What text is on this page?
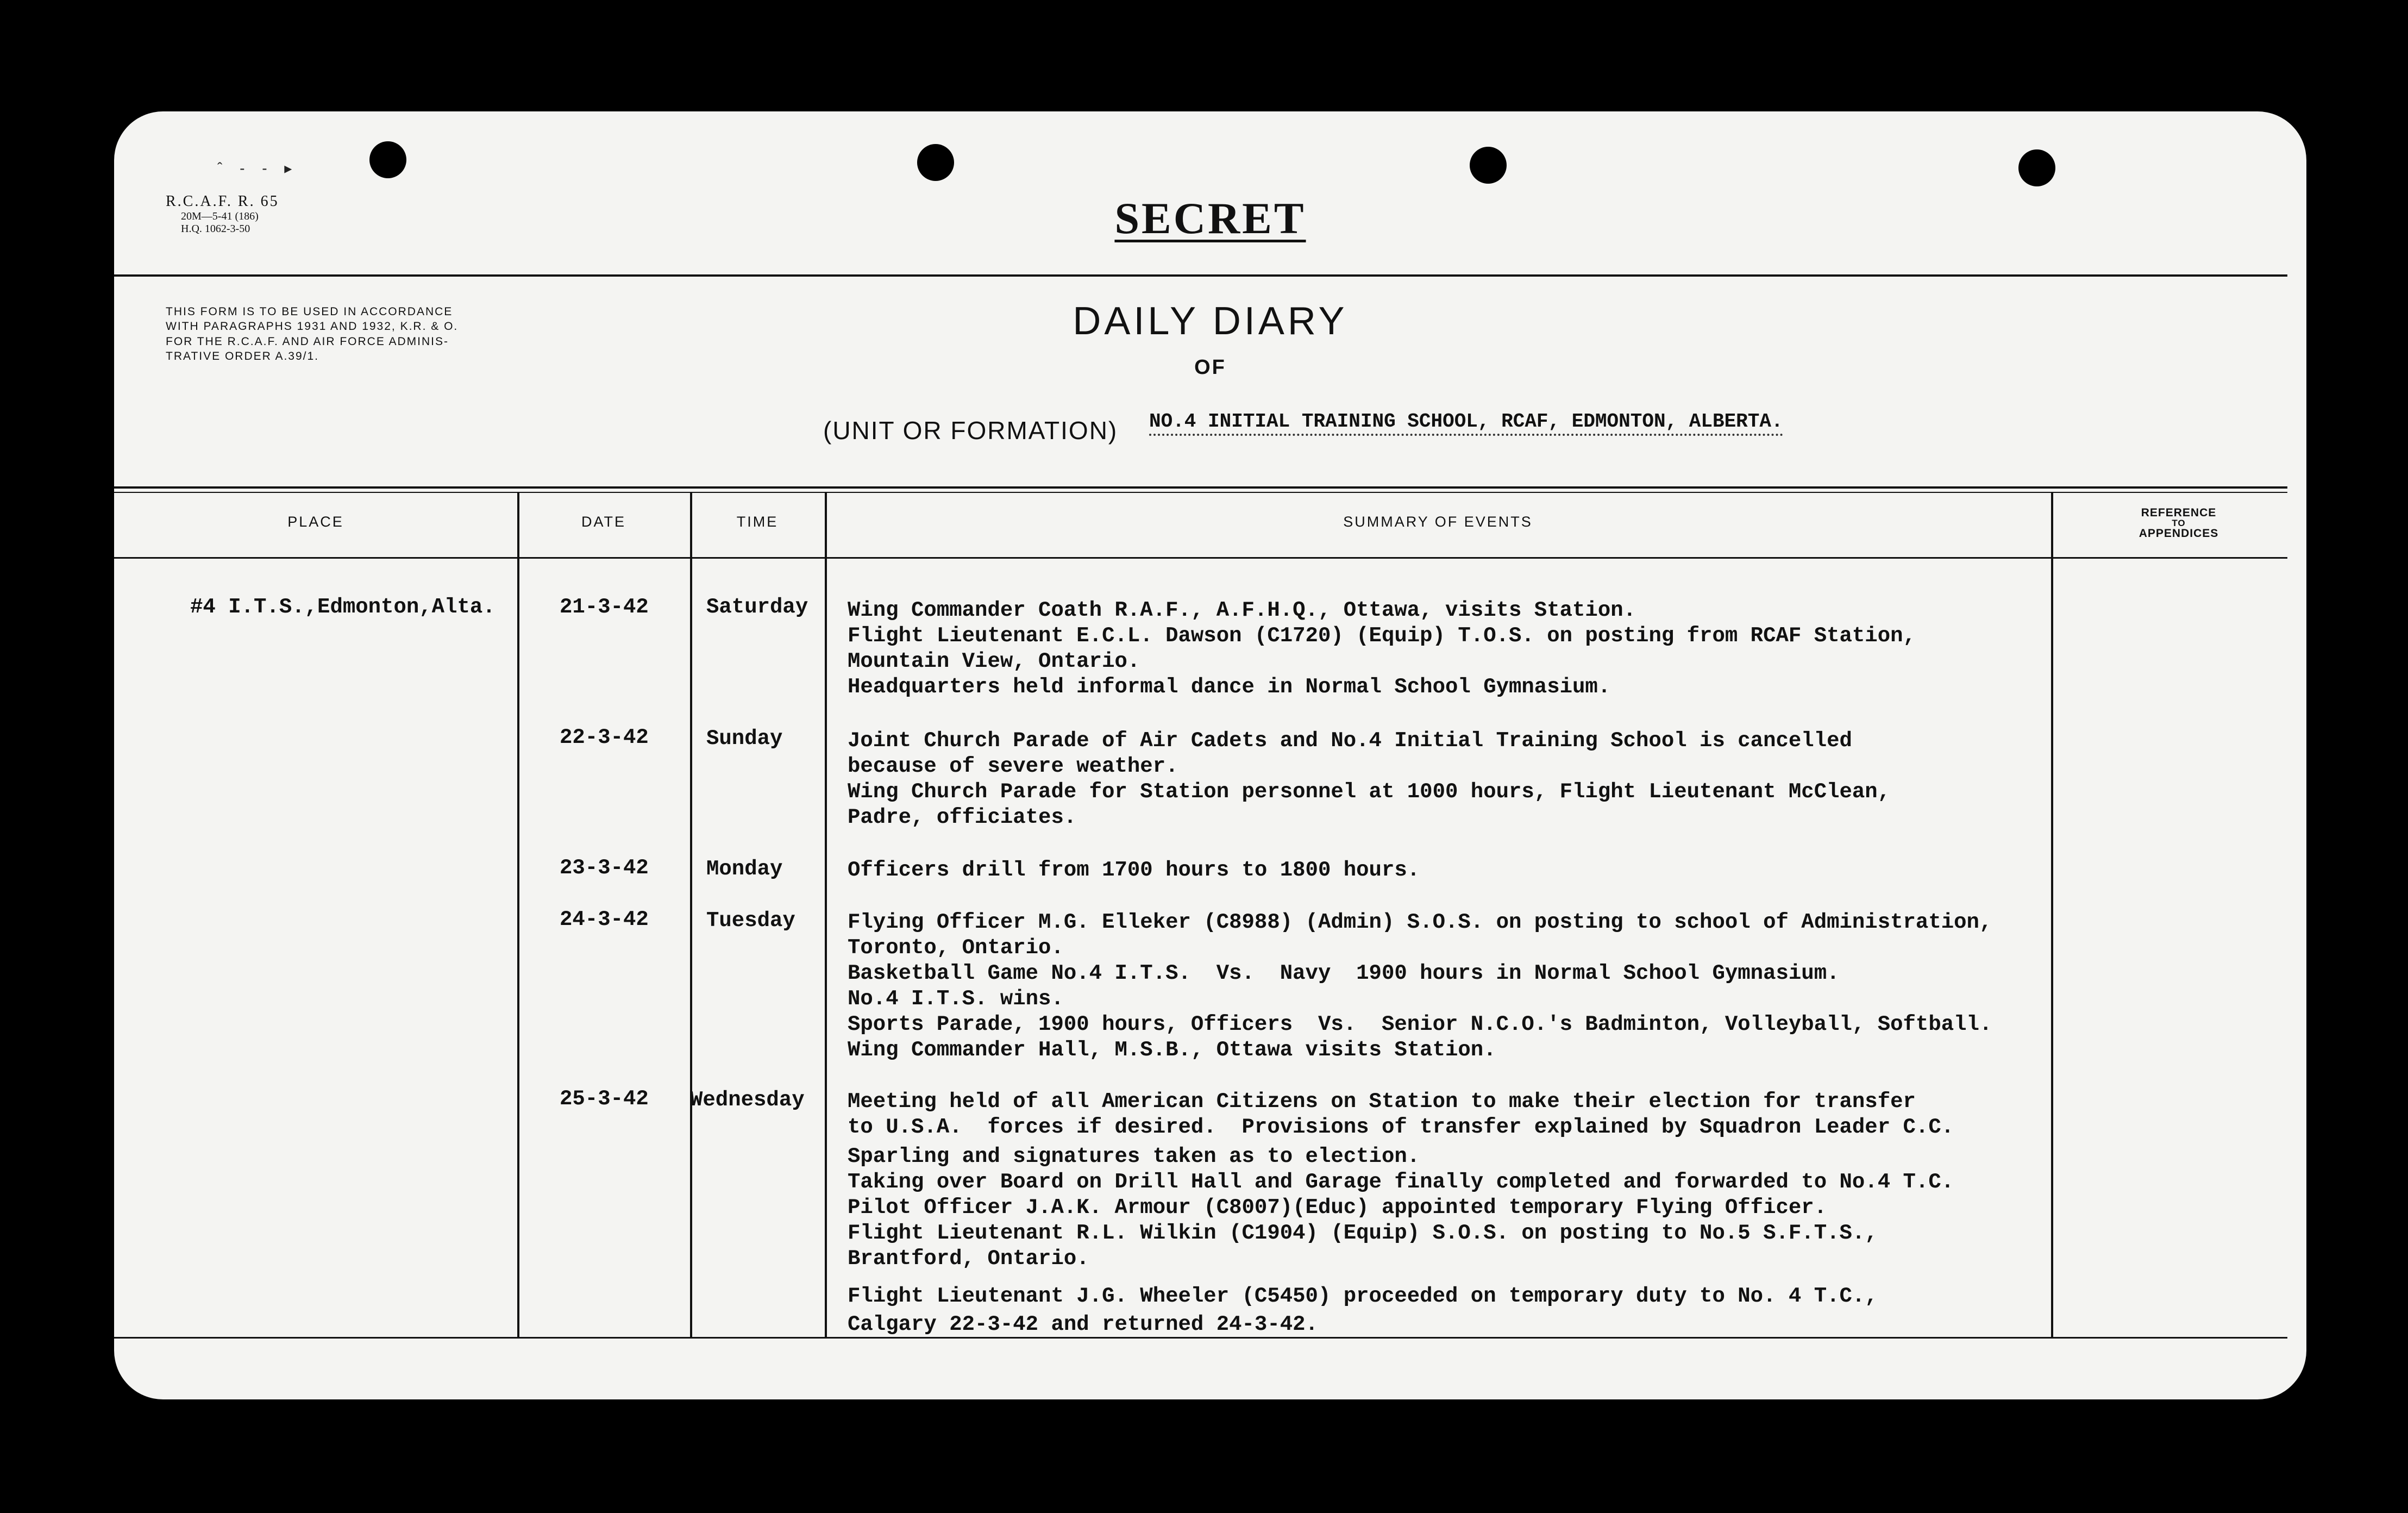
ˆ - - ▸
R.C.A.F. R. 65
20M—5-41 (186)
H.Q. 1062-3-50	SECRET
THIS FORM IS TO BE USED IN ACCORDANCE
WITH PARAGRAPHS 1931 AND 1932, K.R. & O.
FOR THE R.C.A.F. AND AIR FORCE ADMINIS-
TRATIVE ORDER A.39/1.
DAILY DIARY
OF
(UNIT OR FORMATION) NO.4 INITIAL TRAINING SCHOOL, RCAF, EDMONTON, ALBERTA.
PLACE	DATE	TIME	SUMMARY OF EVENTS
REFERENCE
TO
APPENDICES
#4 I.T.S.,Edmonton,Alta.	21-3-42	Saturday Wing Commander Coath R.A.F., A.F.H.Q., Ottawa, visits Station.
Flight Lieutenant E.C.L. Dawson (C1720) (Equip) T.O.S. on posting from RCAF Station,
Mountain View, Ontario.
Headquarters held informal dance in Normal School Gymnasium.
22-3-42	Sunday	Joint Church Parade of Air Cadets and No.4 Initial Training School is cancelled
because of severe weather.
Wing Church Parade for Station personnel at 1000 hours, Flight Lieutenant McClean,
Padre, officiates.
23-3-42	Monday	Officers drill from 1700 hours to 1800 hours.
24-3-42	Tuesday Flying Officer M.G. Elleker (C8988) (Admin) S.O.S. on posting to school of Administration,
Toronto, Ontario.
Basketball Game No.4 I.T.S.  Vs.  Navy  1900 hours in Normal School Gymnasium.
No.4 I.T.S. wins.
Sports Parade, 1900 hours, Officers  Vs.  Senior N.C.O.'s Badminton, Volleyball, Softball.
Wing Commander Hall, M.S.B., Ottawa visits Station.
25-3-42 Wednesday Meeting held of all American Citizens on Station to make their election for transfer
to U.S.A.  forces if desired.  Provisions of transfer explained by Squadron Leader C.C.
Sparling and signatures taken as to election.
Taking over Board on Drill Hall and Garage finally completed and forwarded to No.4 T.C.
Pilot Officer J.A.K. Armour (C8007)(Educ) appointed temporary Flying Officer.
Flight Lieutenant R.L. Wilkin (C1904) (Equip) S.O.S. on posting to No.5 S.F.T.S.,
Brantford, Ontario.
Flight Lieutenant J.G. Wheeler (C5450) proceeded on temporary duty to No. 4 T.C.,
Calgary 22-3-42 and returned 24-3-42.
